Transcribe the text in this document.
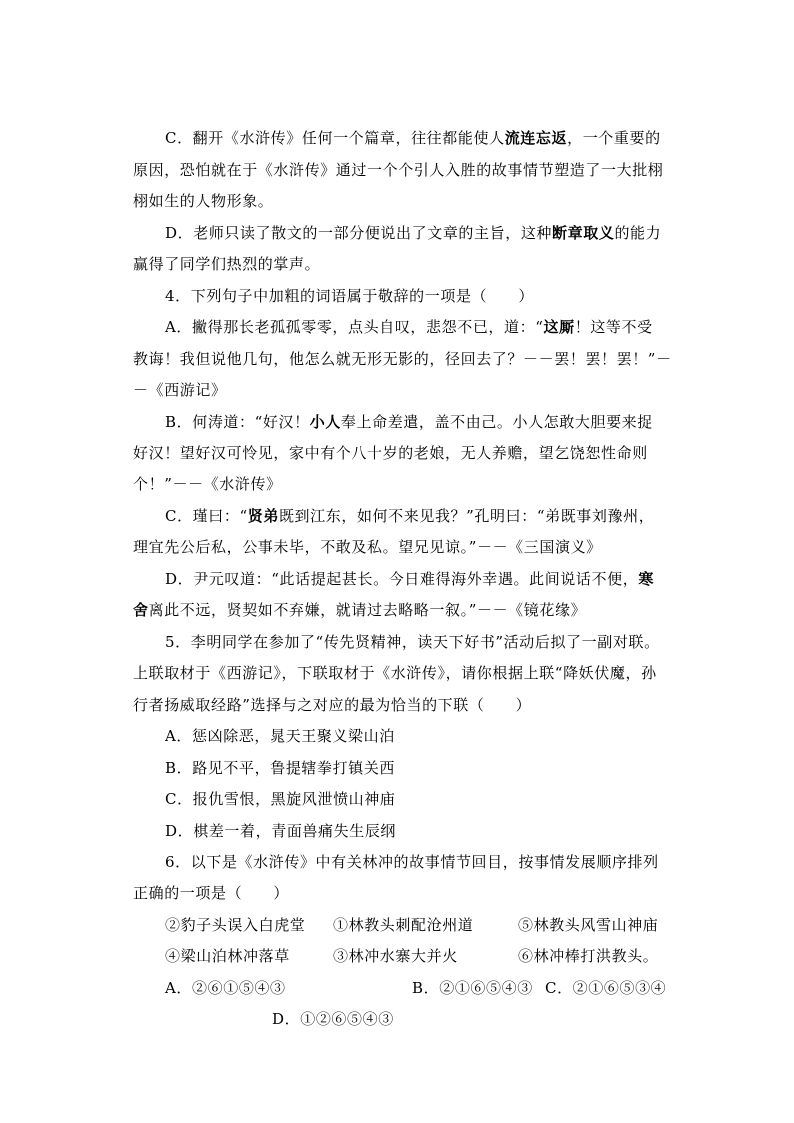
C．翻开《水浒传》任何一个篇章，往往都能使人流连忘返，一个重要的
原因，恐怕就在于《水浒传》通过一个个引人入胜的故事情节塑造了一大批栩
栩如生的人物形象。
D．老师只读了散文的一部分便说出了文章的主旨，这种断章取义的能力
赢得了同学们热烈的掌声。
4．下列句子中加粗的词语属于敬辞的一项是（　　）
A．撇得那长老孤孤零零，点头自叹，悲怨不已，道：“这厮！这等不受
教诲！我但说他几句，他怎么就无形无影的，径回去了？－－罢！罢！罢！”－
－《西游记》
B．何涛道：“好汉！小人奉上命差遣，盖不由己。小人怎敢大胆要来捉
好汉！望好汉可怜见，家中有个八十岁的老娘，无人养赡，望乞饶恕性命则
个！”－－《水浒传》
C．瑾曰：“贤弟既到江东，如何不来见我？”孔明曰：“弟既事刘豫州，
理宜先公后私，公事未毕，不敢及私。望兄见谅。”－－《三国演义》
D．尹元叹道：“此话提起甚长。今日难得海外幸遇。此间说话不便，寒
舍离此不远，贤契如不弃嫌，就请过去略略一叙。”－－《镜花缘》
5．李明同学在参加了“传先贤精神，读天下好书”活动后拟了一副对联。
上联取材于《西游记》，下联取材于《水浒传》，请你根据上联“降妖伏魔，孙
行者扬威取经路”选择与之对应的最为恰当的下联（　　）
A．惩凶除恶，晁天王聚义梁山泊
B．路见不平，鲁提辖拳打镇关西
C．报仇雪恨，黑旋风泄愤山神庙
D．棋差一着，青面兽痛失生辰纲
6．以下是《水浒传》中有关林冲的故事情节回目，按事情发展顺序排列
正确的一项是（　　）
②豹子头误入白虎堂 ①林教头刺配沧州道	⑤林教头风雪山神庙
④梁山泊林冲落草	③林冲水寨大并火	⑥林冲棒打洪教头。
A．②⑥①⑤④③	B．②①⑥⑤④③ C．②①⑥⑤③④
D．①②⑥⑤④③
